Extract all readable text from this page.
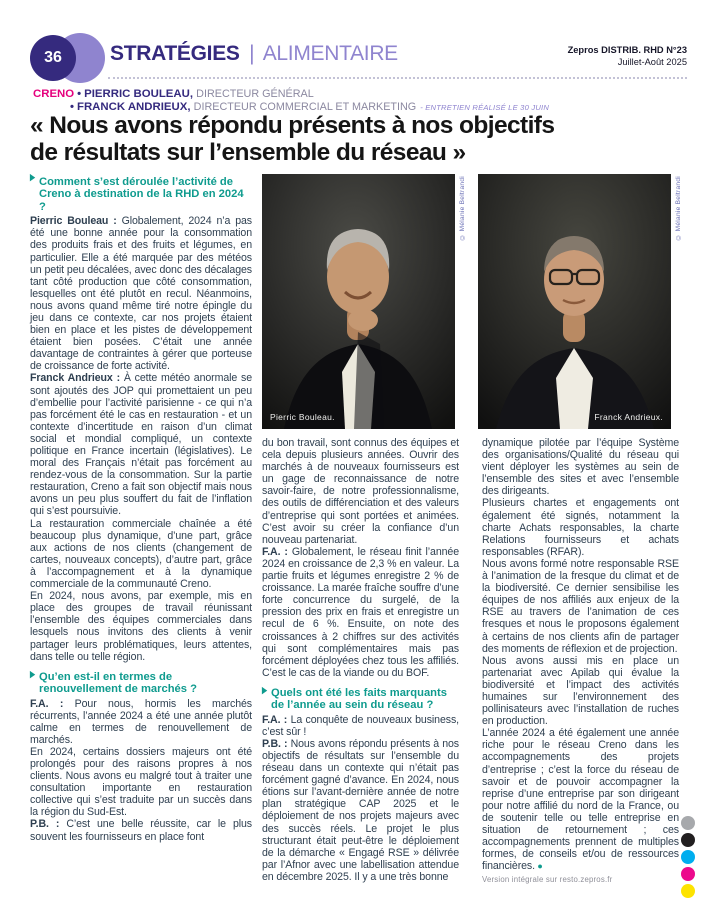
36	STRATÉGIES | ALIMENTAIRE	Zepros DISTRIB. RHD N°23
Juillet-Août 2025
CRENO • PIERRIC BOULEAU, DIRECTEUR GÉNÉRAL
• FRANCK ANDRIEUX, DIRECTEUR COMMERCIAL ET MARKETING - ENTRETIEN RÉALISÉ LE 30 JUIN
« Nous avons répondu présents à nos objectifs
de résultats sur l’ensemble du réseau »
▶ Comment s’est déroulée l’activité de Creno à destination de la RHD en 2024 ?

Pierric Bouleau : Globalement, 2024 n’a pas été une bonne année pour la consommation des produits frais et des fruits et légumes, en particulier. Elle a été marquée par des météos un petit peu décalées, avec donc des décalages tant côté production que côté consommation, lesquelles ont été plutôt en recul. Néanmoins, nous avons quand même tiré notre épingle du jeu dans ce contexte, car nos projets étaient bien en place et les pistes de développement étaient bien posées. C’était une année davantage de contraintes à gérer que porteuse de croissance de forte activité.

Franck Andrieux : À cette météo anormale se sont ajoutés des JOP qui promettaient un peu d’embellie pour l’activité parisienne - ce qui n’a pas forcément été le cas en restauration - et un contexte d’incertitude en raison d’un climat social et mondial compliqué, un contexte politique en France incertain (législatives). Le moral des Français n’était pas forcément au rendez-vous de la consommation. Sur la partie restauration, Creno a fait son objectif mais nous avons un peu plus souffert du fait de l’inflation qui s’est poursuivie.

La restauration commerciale chaînée a été beaucoup plus dynamique, d’une part, grâce aux actions de nos clients (changement de cartes, nouveaux concepts), d’autre part, grâce à l’accompagnement et à la dynamique commerciale de la communauté Creno.

En 2024, nous avons, par exemple, mis en place des groupes de travail réunissant l’ensemble des équipes commerciales dans lesquels nous invitons des clients à venir partager leurs problématiques, leurs attentes, dans telle ou telle région.

▶ Qu’en est-il en termes de renouvellement de marchés ?

F.A. : Pour nous, hormis les marchés récurrents, l’année 2024 a été une année plutôt calme en termes de renouvellement de marchés.

En 2024, certains dossiers majeurs ont été prolongés pour des raisons propres à nos clients. Nous avons eu malgré tout à traiter une consultation importante en restauration collective qui s’est traduite par un succès dans la région du Sud-Est.

P.B. : C’est une belle réussite, car le plus souvent les fournisseurs en place font

Pierric Bouleau.
© Mélanie Beltrandi
Franck Andrieux.
© Mélanie Beltrandi

du bon travail, sont connus des équipes et cela depuis plusieurs années. Ouvrir des marchés à de nouveaux fournisseurs est un gage de reconnaissance de notre savoir-faire, de notre professionnalisme, des outils de différenciation et des valeurs d’entreprise qui sont portées et animées. C’est avoir su créer la confiance d’un nouveau partenariat.

F.A. : Globalement, le réseau finit l’année 2024 en croissance de 2,3 % en valeur. La partie fruits et légumes enregistre 2 % de croissance. La marée fraîche souffre d’une forte concurrence du surgelé, de la pression des prix en frais et enregistre un recul de 6 %. Ensuite, on note des croissances à 2 chiffres sur des activités qui sont complémentaires mais pas forcément déployées chez tous les affiliés. C’est le cas de la viande ou du BOF.

▶ Quels ont été les faits marquants de l’année au sein du réseau ?

F.A. : La conquête de nouveaux business, c’est sûr !

P.B. : Nous avons répondu présents à nos objectifs de résultats sur l’ensemble du réseau dans un contexte qui n’était pas forcément gagné d’avance. En 2024, nous étions sur l’avant-dernière année de notre plan stratégique CAP 2025 et le déploiement de nos projets majeurs avec des succès réels. Le projet le plus structurant était peut-être le déploiement de la démarche « Engagé RSE » délivrée par l’Afnor avec une labellisation attendue en décembre 2025. Il y a une très bonne

dynamique pilotée par l’équipe Système des organisations/Qualité du réseau qui vient déployer les systèmes au sein de l’ensemble des sites et avec l’ensemble des dirigeants.

Plusieurs chartes et engagements ont également été signés, notamment la charte Achats responsables, la charte Relations fournisseurs et achats responsables (RFAR).

Nous avons formé notre responsable RSE à l’animation de la fresque du climat et de la biodiversité. Ce dernier sensibilise les équipes de nos affiliés aux enjeux de la RSE au travers de l’animation de ces fresques et nous le proposons également à certains de nos clients afin de partager des moments de réflexion et de projection.

Nous avons aussi mis en place un partenariat avec Apilab qui évalue la biodiversité et l’impact des activités humaines sur l’environnement des pollinisateurs avec l’installation de ruches en production.

L’année 2024 a été également une année riche pour le réseau Creno dans les accompagnements des projets d’entreprise ; c’est la force du réseau de savoir et de pouvoir accompagner la reprise d’une entreprise par son dirigeant pour notre affilié du nord de la France, ou de soutenir telle ou telle entreprise en situation de retournement ; ces accompagnements prennent de multiples formes, de conseils et/ou de ressources financières. ●

Version intégrale sur resto.zepros.fr
